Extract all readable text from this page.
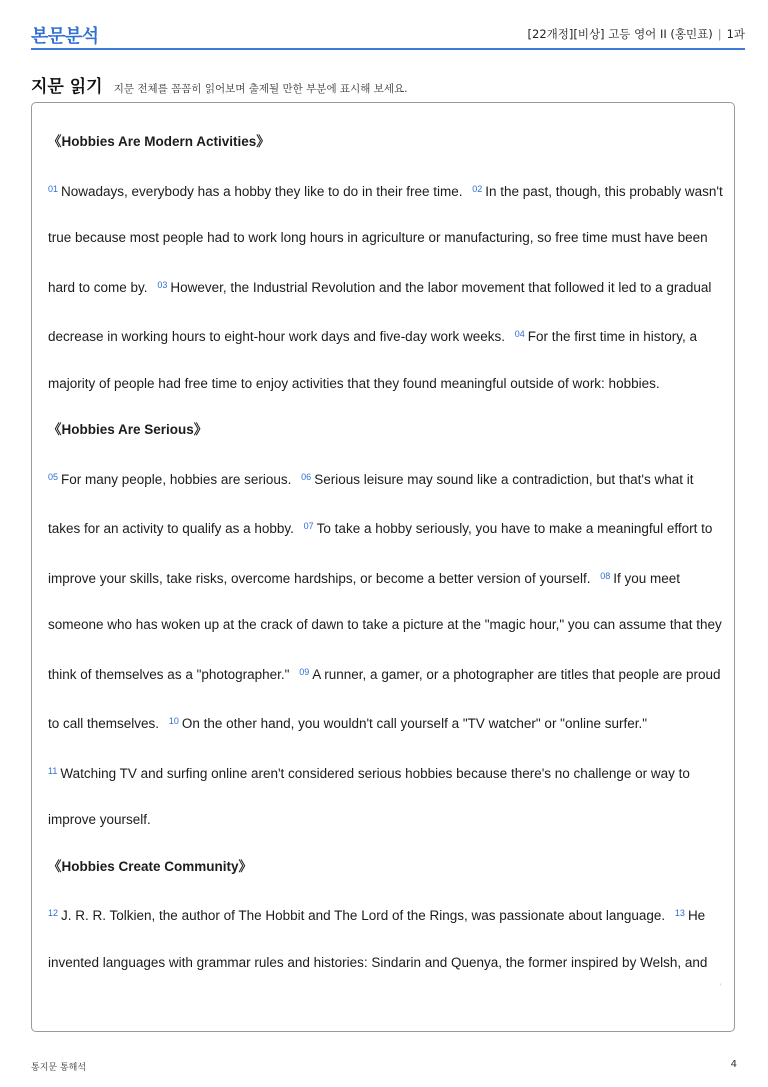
본문분석	[22개정][비상] 고등 영어 II (홍민표) | 1과
지문 읽기 지문 전체를 꼼꼼히 읽어보며 출제될 만한 부분에 표시해 보세요.
《Hobbies Are Modern Activities》

$^{01}$ Nowadays, everybody has a hobby they like to do in their free time. $^{02}$ In the past, though, this probably wasn't true because most people had to work long hours in agriculture or manufacturing, so free time must have been hard to come by. $^{03}$ However, the Industrial Revolution and the labor movement that followed it led to a gradual decrease in working hours to eight-hour work days and five-day work weeks. $^{04}$ For the first time in history, a majority of people had free time to enjoy activities that they found meaningful outside of work: hobbies.

《Hobbies Are Serious》

$^{05}$ For many people, hobbies are serious. $^{06}$ Serious leisure may sound like a contradiction, but that's what it takes for an activity to qualify as a hobby. $^{07}$ To take a hobby seriously, you have to make a meaningful effort to improve your skills, take risks, overcome hardships, or become a better version of yourself. $^{08}$ If you meet someone who has woken up at the crack of dawn to take a picture at the "magic hour," you can assume that they think of themselves as a "photographer." $^{09}$ A runner, a gamer, or a photographer are titles that people are proud to call themselves. $^{10}$ On the other hand, you wouldn't call yourself a "TV watcher" or "online surfer." $^{11}$ Watching TV and surfing online aren't considered serious hobbies because there's no challenge or way to improve yourself.

《Hobbies Create Community》

$^{12}$ J. R. R. Tolkien, the author of The Hobbit and The Lord of the Rings, was passionate about language. $^{13}$ He invented languages with grammar rules and histories: Sindarin and Quenya, the former inspired by Welsh, and

'
통지문 통해석	4
